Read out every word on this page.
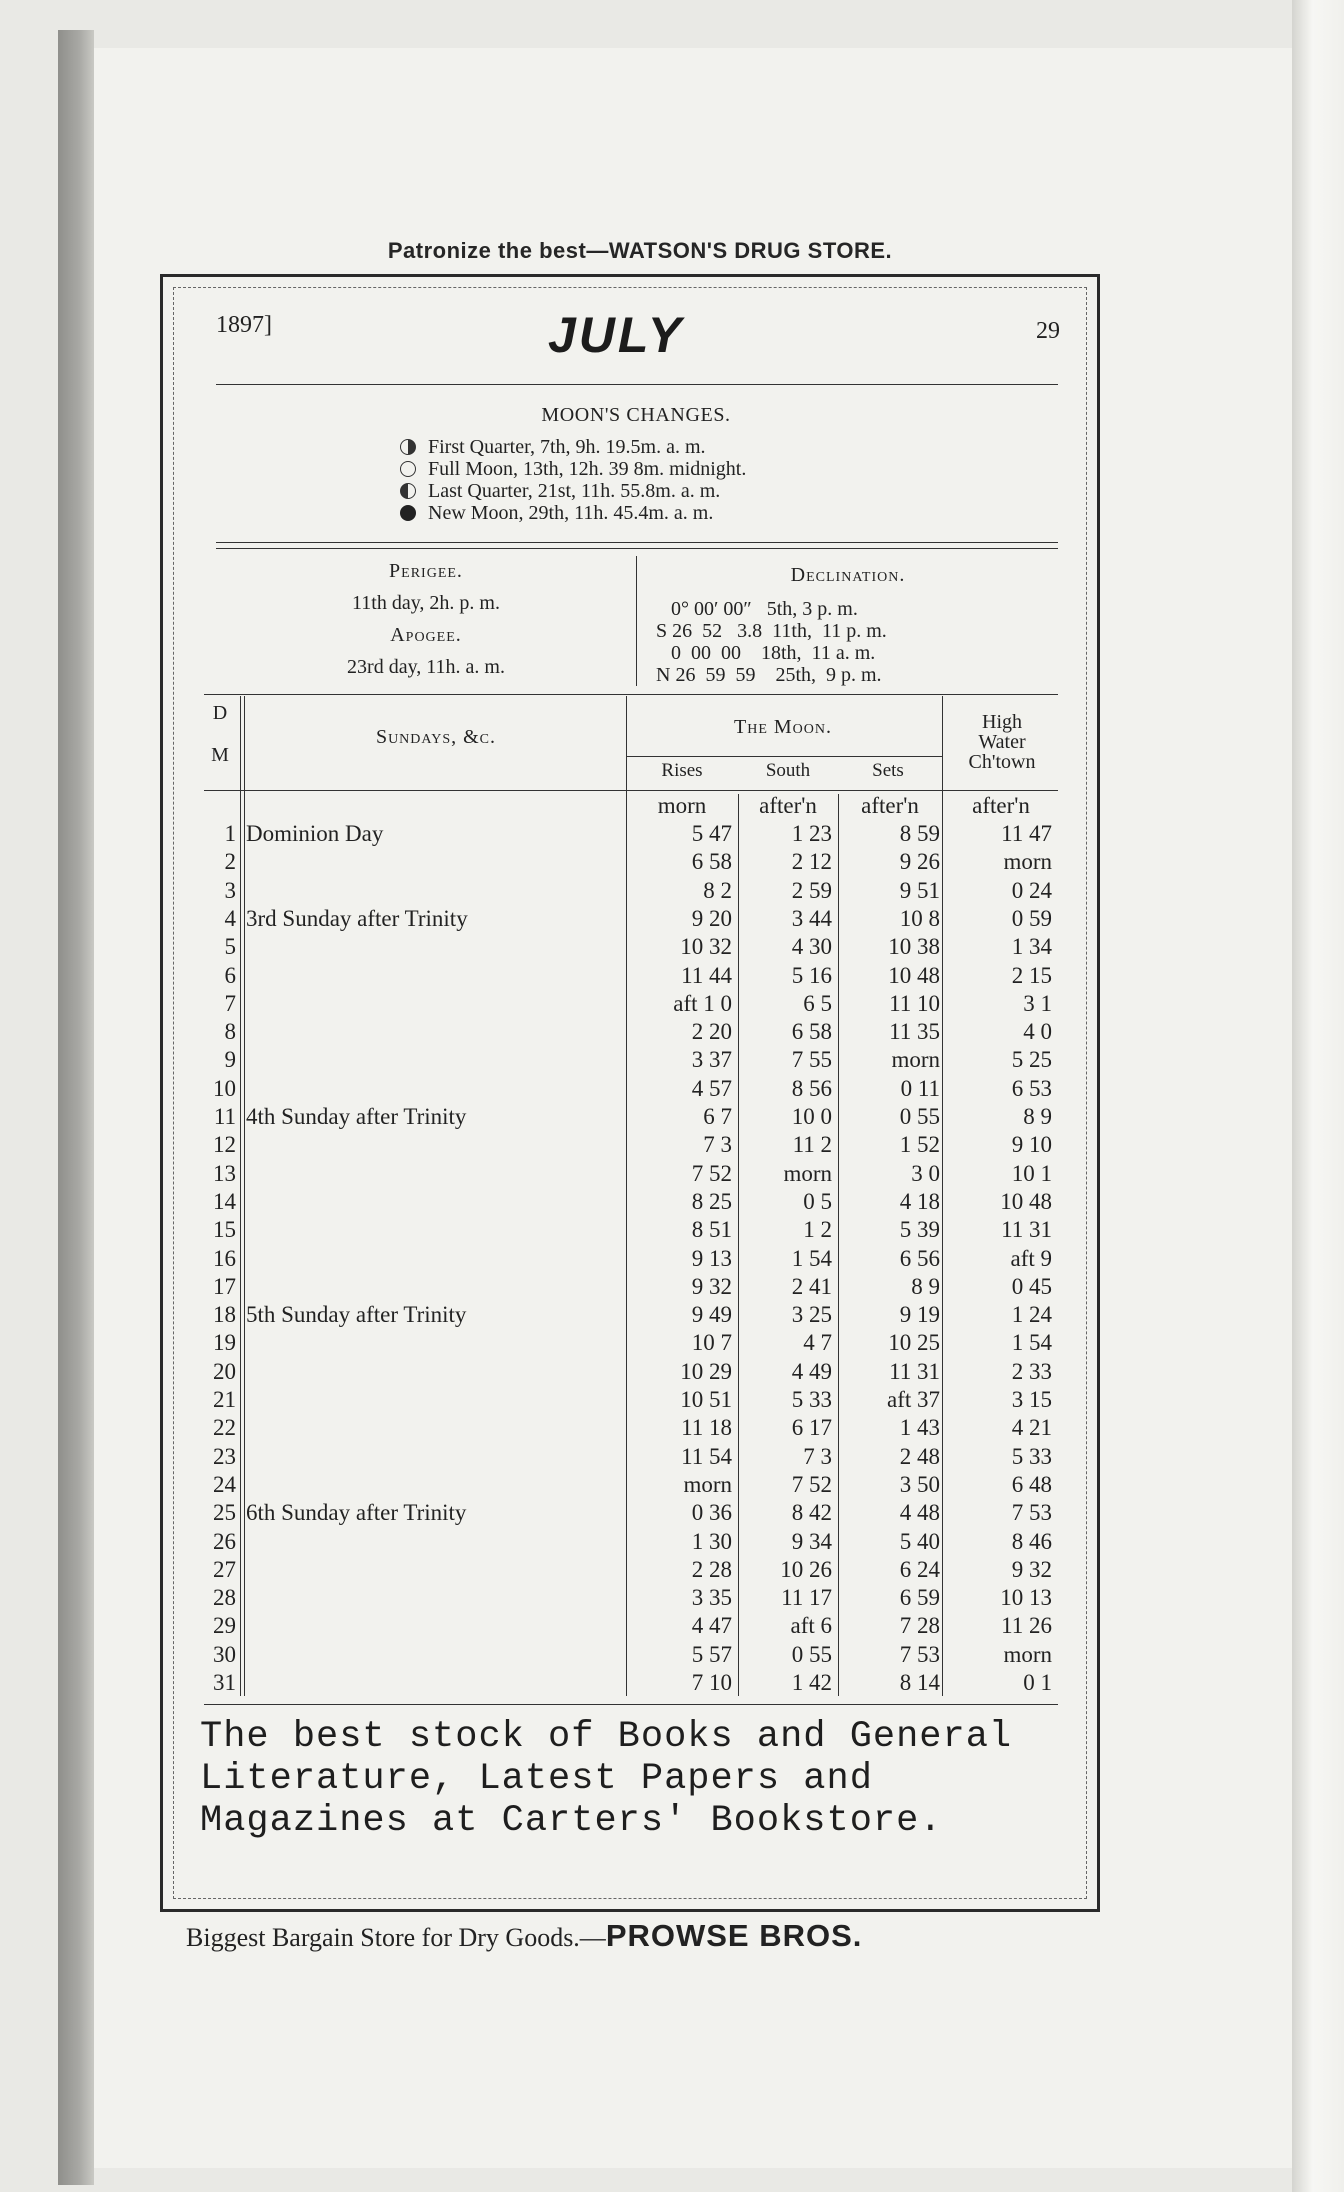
Patronize the best—WATSON'S DRUG STORE.
1897]	JULY	29
MOON'S CHANGES.
First Quarter, 7th, 9h. 19.5m. a. m.
Full Moon, 13th, 12h. 39 8m. midnight.
Last Quarter, 21st, 11h. 55.8m. a. m.
New Moon, 29th, 11h. 45.4m. a. m.
Perigee.
11th day, 2h. p. m.
Apogee.
23rd day, 11h. a. m.
Declination.
0° 00′ 00″   5th, 3 p. m.
S 26  52   3.8  11th,  11 p. m.
0  00  00    18th,  11 a. m.
N 26  59  59    25th,  9 p. m.
D
M
Sundays, &c.	The Moon.
Rises	South	Sets
High
Water
Ch'town
morn	after'n	after'n	after'n
1 Dominion Day	5 47	1 23	8 59	11 47
2	6 58	2 12	9 26	morn
3	8 2	2 59	9 51	0 24
4 3rd Sunday after Trinity	9 20	3 44	10 8	0 59
5	10 32	4 30	10 38	1 34
6	11 44	5 16	10 48	2 15
7	aft 1 0	6 5	11 10	3 1
8	2 20	6 58	11 35	4 0
9	3 37	7 55	morn	5 25
10	4 57	8 56	0 11	6 53
11 4th Sunday after Trinity	6 7	10 0	0 55	8 9
12	7 3	11 2	1 52	9 10
13	7 52	morn	3 0	10 1
14	8 25	0 5	4 18	10 48
15	8 51	1 2	5 39	11 31
16	9 13	1 54	6 56	aft 9
17	9 32	2 41	8 9	0 45
18 5th Sunday after Trinity	9 49	3 25	9 19	1 24
19	10 7	4 7	10 25	1 54
20	10 29	4 49	11 31	2 33
21	10 51	5 33	aft 37	3 15
22	11 18	6 17	1 43	4 21
23	11 54	7 3	2 48	5 33
24	morn	7 52	3 50	6 48
25 6th Sunday after Trinity	0 36	8 42	4 48	7 53
26	1 30	9 34	5 40	8 46
27	2 28	10 26	6 24	9 32
28	3 35	11 17	6 59	10 13
29	4 47	aft 6	7 28	11 26
30	5 57	0 55	7 53	morn
31	7 10	1 42	8 14	0 1
The best stock of Books and General Literature, Latest Papers and Magazines at Carters' Bookstore.
Biggest Bargain Store for Dry Goods.—PROWSE BROS.
